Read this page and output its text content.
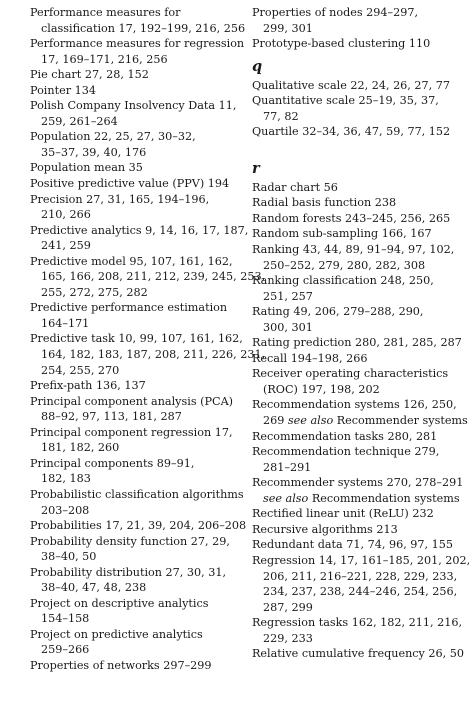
Performance measures for
classification 17, 192–199, 216, 256
Performance measures for regression
17, 169–171, 216, 256
Pie chart 27, 28, 152
Pointer 134
Polish Company Insolvency Data 11,
259, 261–264
Population 22, 25, 27, 30–32,
35–37, 39, 40, 176
Population mean 35
Positive predictive value (PPV) 194
Precision 27, 31, 165, 194–196,
210, 266
Predictive analytics 9, 14, 16, 17, 187,
241, 259
Predictive model 95, 107, 161, 162,
165, 166, 208, 211, 212, 239, 245, 253,
255, 272, 275, 282
Predictive performance estimation
164–171
Predictive task 10, 99, 107, 161, 162,
164, 182, 183, 187, 208, 211, 226, 231,
254, 255, 270
Prefix-path 136, 137
Principal component analysis (PCA)
88–92, 97, 113, 181, 287
Principal component regression 17,
181, 182, 260
Principal components 89–91,
182, 183
Probabilistic classification algorithms
203–208
Probabilities 17, 21, 39, 204, 206–208
Probability density function 27, 29,
38–40, 50
Probability distribution 27, 30, 31,
38–40, 47, 48, 238
Project on descriptive analytics
154–158
Project on predictive analytics
259–266
Properties of networks 297–299
Properties of nodes 294–297,
299, 301
Prototype-based clustering 110
q
Qualitative scale 22, 24, 26, 27, 77
Quantitative scale 25–19, 35, 37,
77, 82
Quartile 32–34, 36, 47, 59, 77, 152
r
Radar chart 56
Radial basis function 238
Random forests 243–245, 256, 265
Random sub-sampling 166, 167
Ranking 43, 44, 89, 91–94, 97, 102,
250–252, 279, 280, 282, 308
Ranking classification 248, 250,
251, 257
Rating 49, 206, 279–288, 290,
300, 301
Rating prediction 280, 281, 285, 287
Recall 194–198, 266
Receiver operating characteristics
(ROC) 197, 198, 202
Recommendation systems 126, 250,
269 see also Recommender systems
Recommendation tasks 280, 281
Recommendation technique 279,
281–291
Recommender systems 270, 278–291
see also Recommendation systems
Rectified linear unit (ReLU) 232
Recursive algorithms 213
Redundant data 71, 74, 96, 97, 155
Regression 14, 17, 161–185, 201, 202,
206, 211, 216–221, 228, 229, 233,
234, 237, 238, 244–246, 254, 256,
287, 299
Regression tasks 162, 182, 211, 216,
229, 233
Relative cumulative frequency 26, 50
